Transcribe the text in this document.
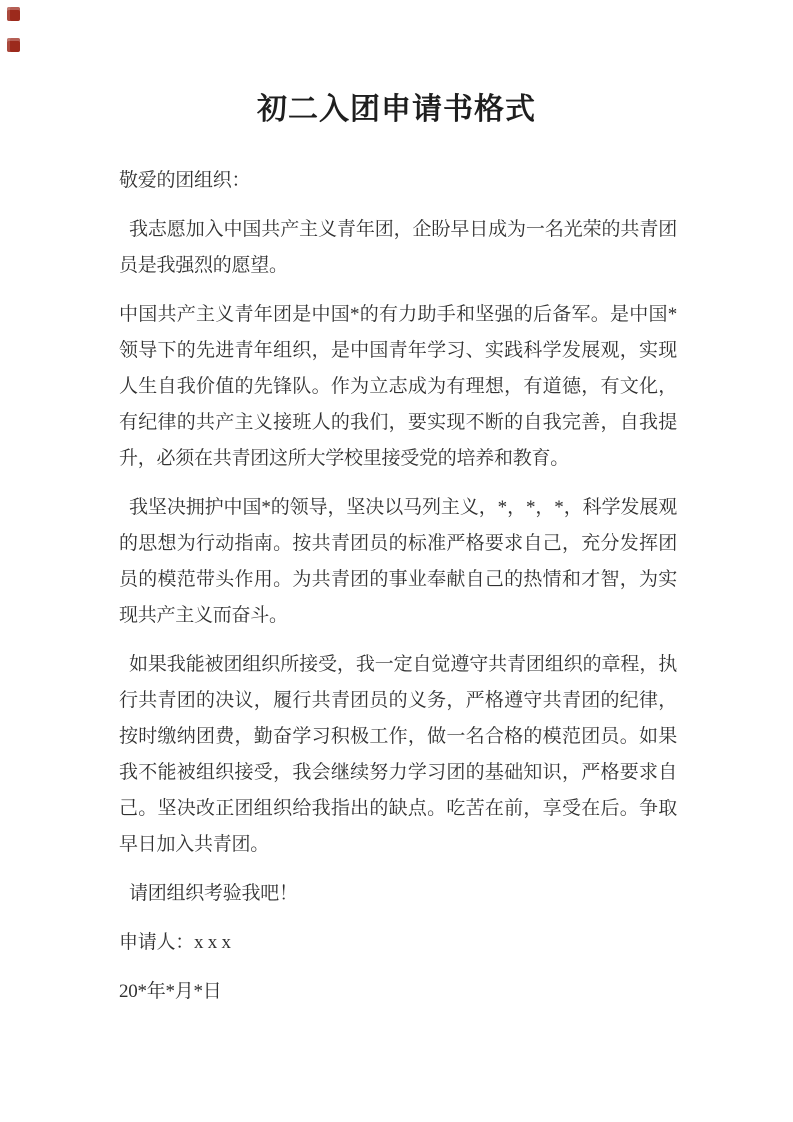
初二入团申请书格式

敬爱的团组织：

我志愿加入中国共产主义青年团，企盼早日成为一名光荣的共青团员是我强烈的愿望。

中国共产主义青年团是中国*的有力助手和坚强的后备军。是中国*领导下的先进青年组织，是中国青年学习、实践科学发展观，实现人生自我价值的先锋队。作为立志成为有理想，有道德，有文化，有纪律的共产主义接班人的我们，要实现不断的自我完善，自我提升，必须在共青团这所大学校里接受党的培养和教育。

我坚决拥护中国*的领导，坚决以马列主义，*，*，*，科学发展观的思想为行动指南。按共青团员的标准严格要求自己，充分发挥团员的模范带头作用。为共青团的事业奉献自己的热情和才智，为实现共产主义而奋斗。

如果我能被团组织所接受，我一定自觉遵守共青团组织的章程，执行共青团的决议，履行共青团员的义务，严格遵守共青团的纪律，按时缴纳团费，勤奋学习积极工作，做一名合格的模范团员。如果我不能被组织接受，我会继续努力学习团的基础知识，严格要求自己。坚决改正团组织给我指出的缺点。吃苦在前，享受在后。争取早日加入共青团。

请团组织考验我吧！

申请人：x x x

20*年*月*日
